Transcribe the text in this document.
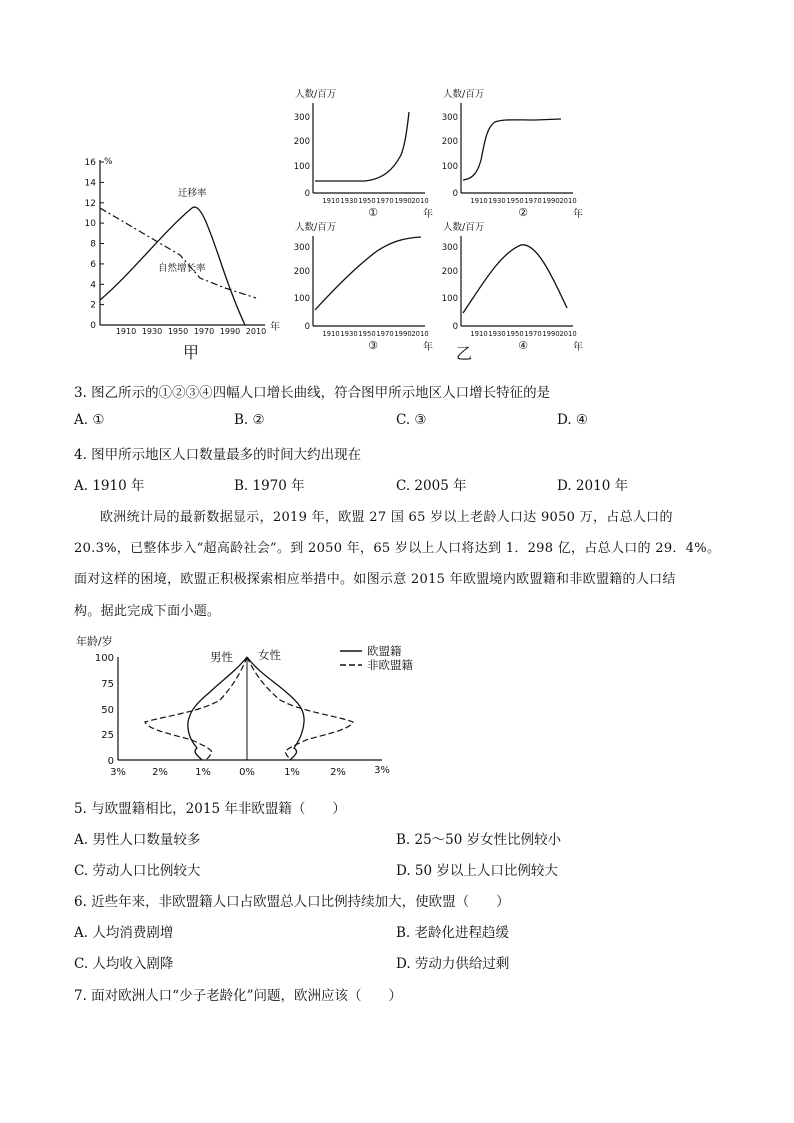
16
14
12
10
8
6
4
2
0
%
1910 1930 1950 1970 1990 2010 年
迁移率
自然增长率
甲
人数/百万
300
200
100
0
1910 1930 1950 1970 1990 2010
①	年
人数/百万
300
200
100
0
1910 1930 1950 1970 1990 2010
②	年
人数/百万
300
200
100
0
1910 1930 1950 1970 1990 2010
③	年
人数/百万
300
200
100
0
1910 1930 1950 1970 1990 2010
④	年
乙
3. 图乙所示的①②③④四幅人口增长曲线，符合图甲所示地区人口增长特征的是
A. ①	B. ②	C. ③	D. ④
4. 图甲所示地区人口数量最多的时间大约出现在
A. 1910 年	B. 1970 年	C. 2005 年	D. 2010 年
欧洲统计局的最新数据显示，2019 年，欧盟 27 国 65 岁以上老龄人口达 9050 万，占总人口的
20.3%，已整体步入“超高龄社会”。到 2050 年，65 岁以上人口将达到 1．298 亿，占总人口的 29．4%。
面对这样的困境，欧盟正积极探索相应举措中。如图示意 2015 年欧盟境内欧盟籍和非欧盟籍的人口结
构。据此完成下面小题。
年龄/岁
100
75
50
25
0
3%	2%	1%	0%	1%	2%	3%
男性 女性	欧盟籍
非欧盟籍
5. 与欧盟籍相比，2015 年非欧盟籍（　　）
A. 男性人口数量较多	B. 25～50 岁女性比例较小
C. 劳动人口比例较大	D. 50 岁以上人口比例较大
6. 近些年来，非欧盟籍人口占欧盟总人口比例持续加大，使欧盟（　　）
A. 人均消费剧增	B. 老龄化进程趋缓
C. 人均收入剧降	D. 劳动力供给过剩
7. 面对欧洲人口“少子老龄化”问题，欧洲应该（　　）
